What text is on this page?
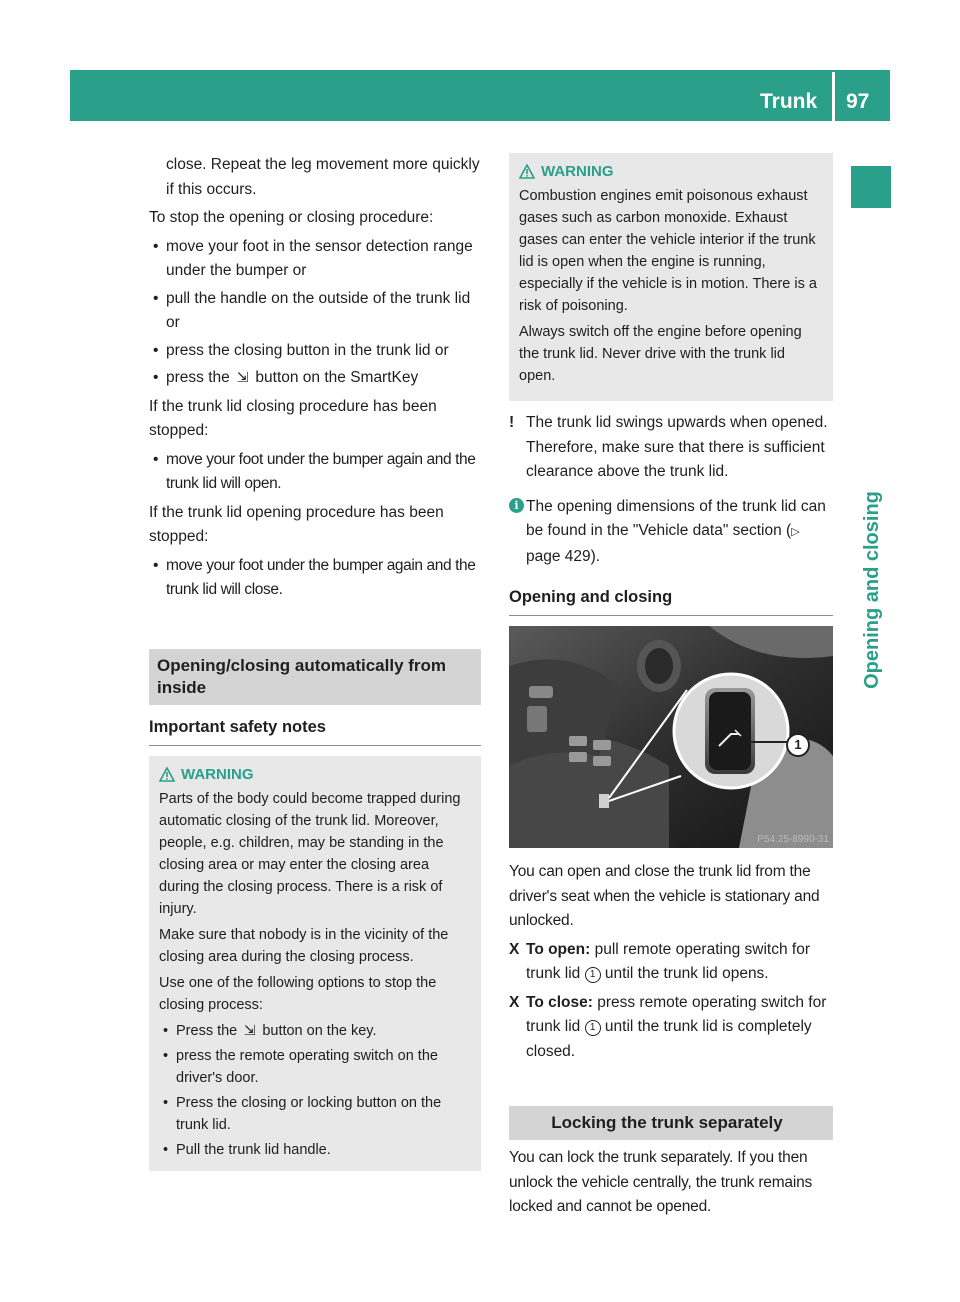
Trunk 97
Opening and closing

close. Repeat the leg movement more quickly if this occurs.

To stop the opening or closing procedure:

• move your foot in the sensor detection range under the bumper or
• pull the handle on the outside of the trunk lid or
• press the closing button in the trunk lid or
• press the ⇲ button on the SmartKey

If the trunk lid closing procedure has been stopped:

• move your foot under the bumper again and the trunk lid will open.

If the trunk lid opening procedure has been stopped:

• move your foot under the bumper again and the trunk lid will close.
Opening/closing automatically from inside
Important safety notes
WARNING

Parts of the body could become trapped during automatic closing of the trunk lid. Moreover, people, e.g. children, may be standing in the closing area or may enter the closing area during the closing process. There is a risk of injury.

Make sure that nobody is in the vicinity of the closing area during the closing process.

Use one of the following options to stop the closing process:

• Press the ⇲ button on the key.
• press the remote operating switch on the driver's door.
• Press the closing or locking button on the trunk lid.
• Pull the trunk lid handle.
WARNING

Combustion engines emit poisonous exhaust gases such as carbon monoxide. Exhaust gases can enter the vehicle interior if the trunk lid is open when the engine is running, especially if the vehicle is in motion. There is a risk of poisoning.

Always switch off the engine before opening the trunk lid. Never drive with the trunk lid open.

! The trunk lid swings upwards when opened. Therefore, make sure that there is sufficient clearance above the trunk lid.
i The opening dimensions of the trunk lid can be found in the "Vehicle data" section (▷ page 429).
Opening and closing
1
P54.25-8990-31

You can open and close the trunk lid from the driver's seat when the vehicle is stationary and unlocked.

X To open: pull remote operating switch for trunk lid 1 until the trunk lid opens.
X To close: press remote operating switch for trunk lid 1 until the trunk lid is completely closed.
Locking the trunk separately

You can lock the trunk separately. If you then unlock the vehicle centrally, the trunk remains locked and cannot be opened.
